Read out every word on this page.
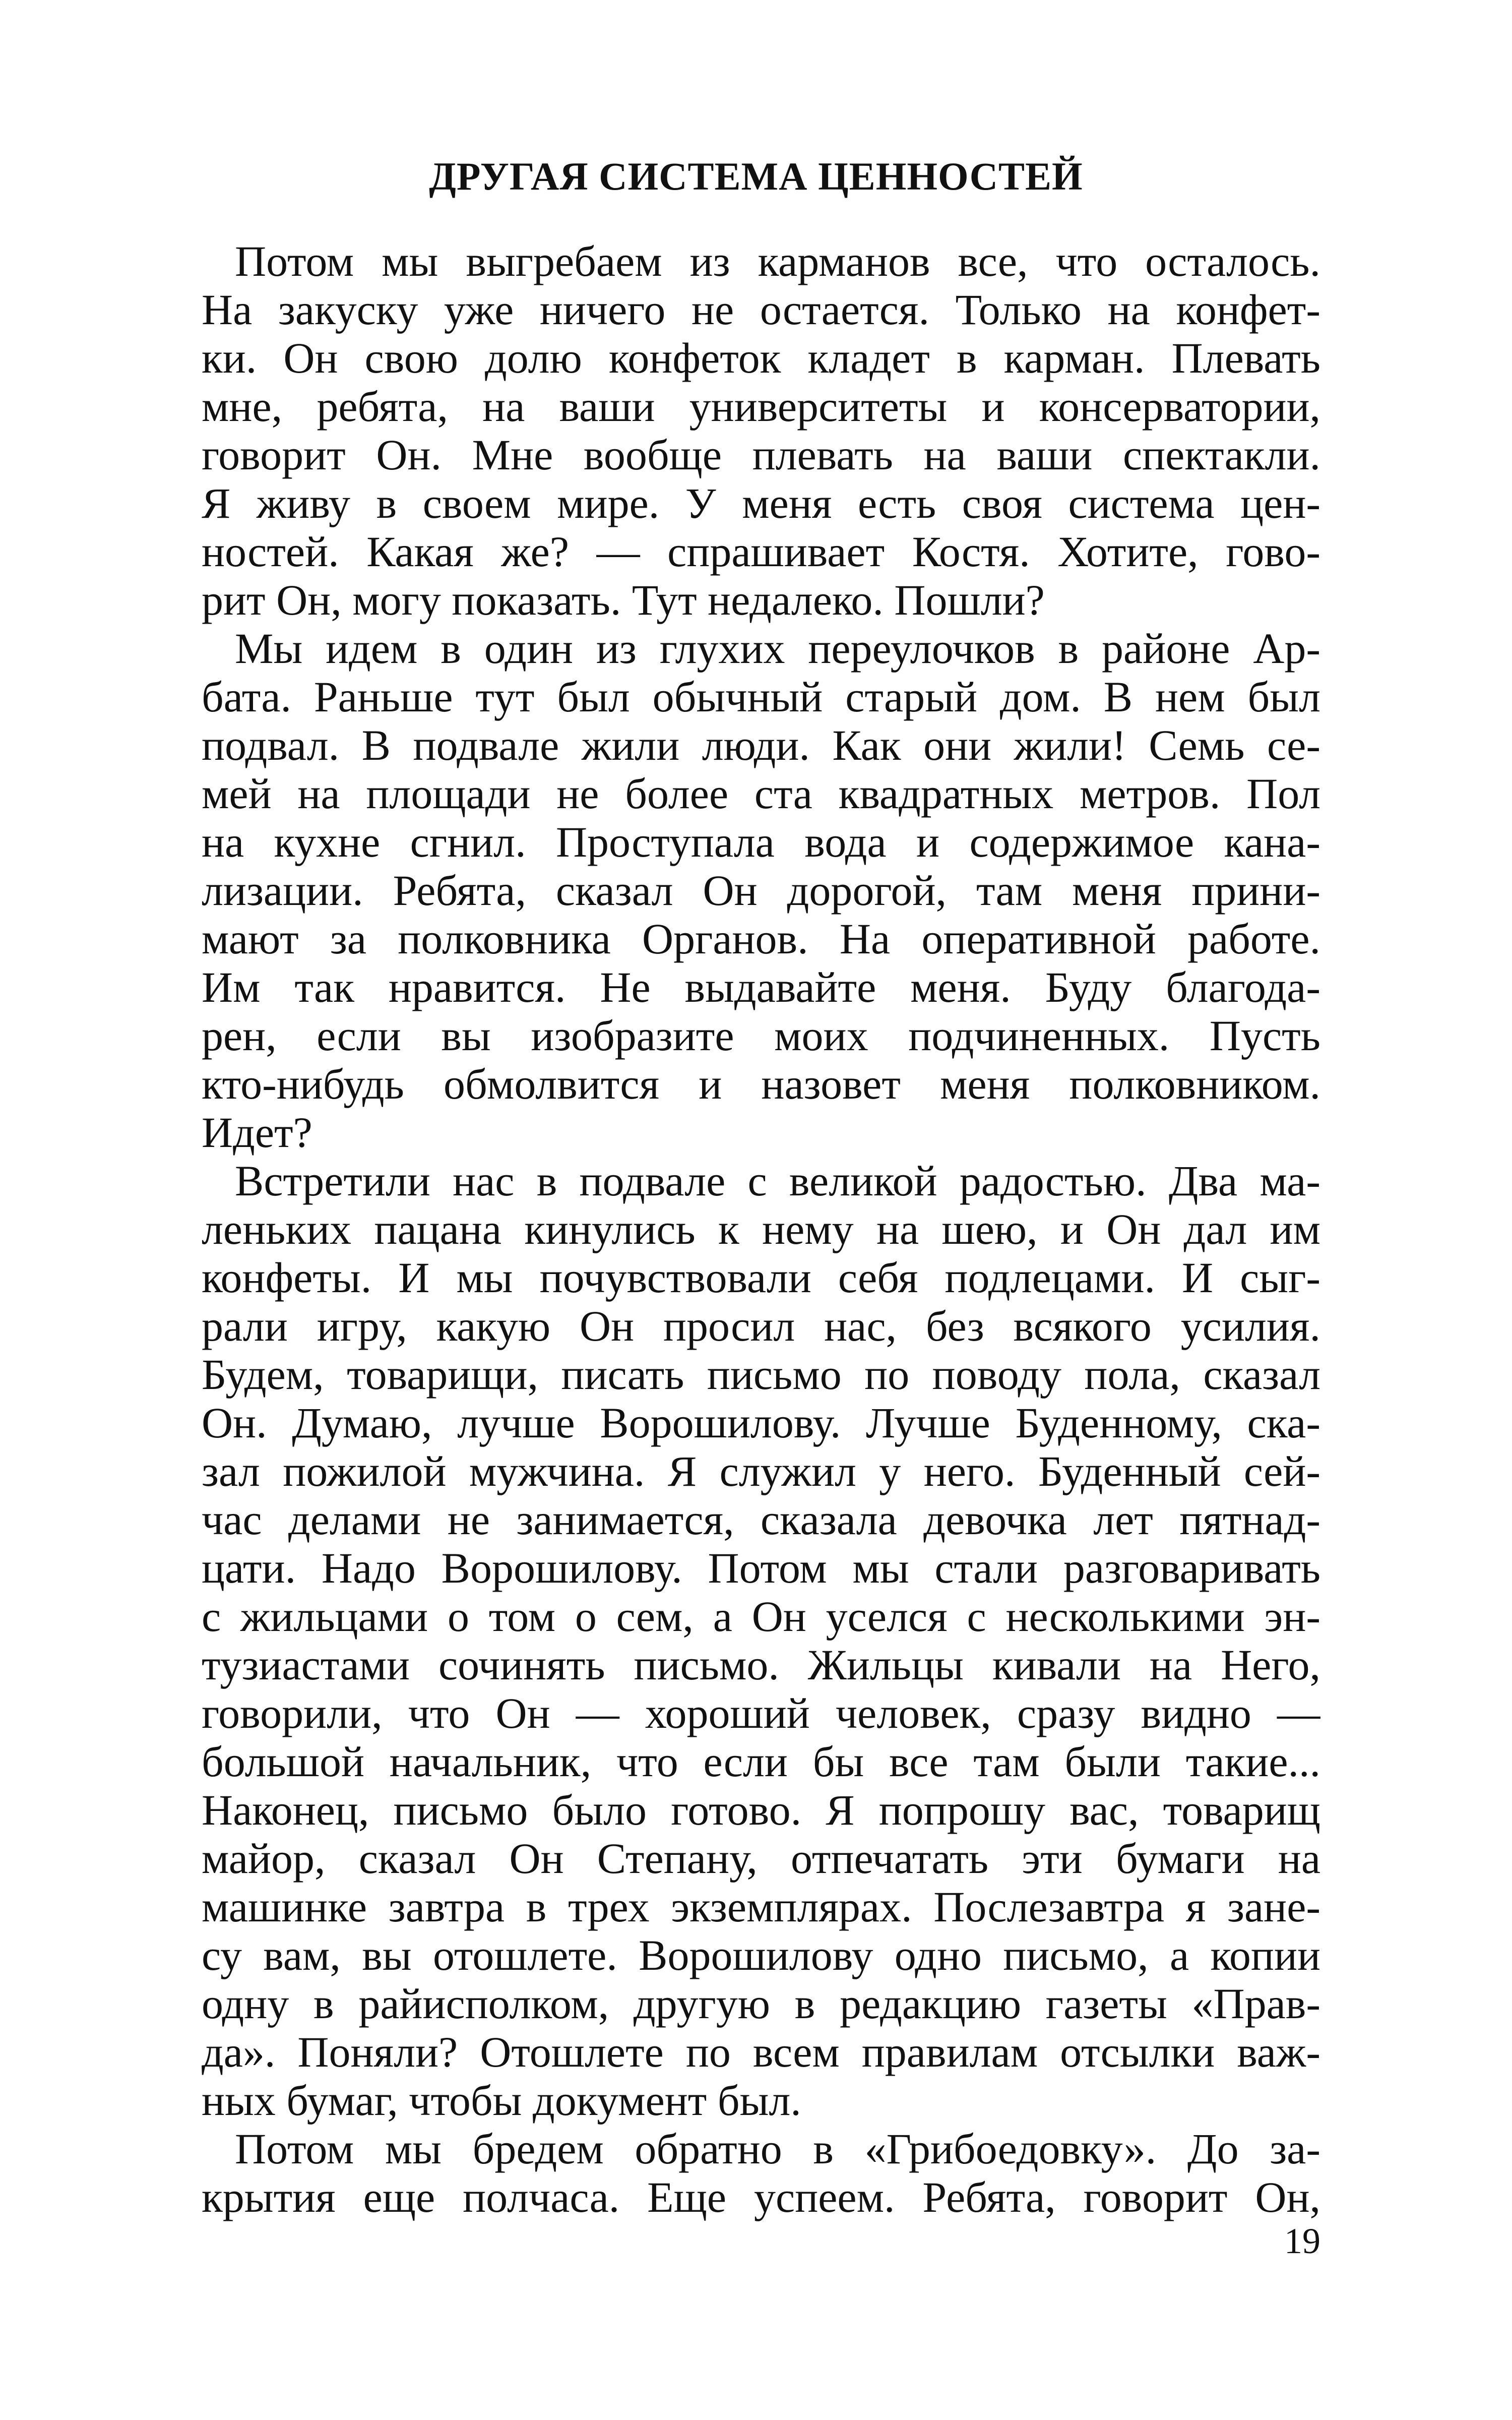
ДРУГАЯ СИСТЕМА ЦЕННОСТЕЙ
Потом мы выгребаем из карманов все, что осталось.
На закуску уже ничего не остается. Только на конфет-
ки. Он свою долю конфеток кладет в карман. Плевать
мне, ребята, на ваши университеты и консерватории,
говорит Он. Мне вообще плевать на ваши спектакли.
Я живу в своем мире. У меня есть своя система цен-
ностей. Какая же? — спрашивает Костя. Хотите, гово-
рит Он, могу показать. Тут недалеко. Пошли?
Мы идем в один из глухих переулочков в районе Ар-
бата. Раньше тут был обычный старый дом. В нем был
подвал. В подвале жили люди. Как они жили! Семь се-
мей на площади не более ста квадратных метров. Пол
на кухне сгнил. Проступала вода и содержимое кана-
лизации. Ребята, сказал Он дорогой, там меня прини-
мают за полковника Органов. На оперативной работе.
Им так нравится. Не выдавайте меня. Буду благода-
рен, если вы изобразите моих подчиненных. Пусть
кто-нибудь обмолвится и назовет меня полковником.
Идет?
Встретили нас в подвале с великой радостью. Два ма-
леньких пацана кинулись к нему на шею, и Он дал им
конфеты. И мы почувствовали себя подлецами. И сыг-
рали игру, какую Он просил нас, без всякого усилия.
Будем, товарищи, писать письмо по поводу пола, сказал
Он. Думаю, лучше Ворошилову. Лучше Буденному, ска-
зал пожилой мужчина. Я служил у него. Буденный сей-
час делами не занимается, сказала девочка лет пятнад-
цати. Надо Ворошилову. Потом мы стали разговаривать
с жильцами о том о сем, а Он уселся с несколькими эн-
тузиастами сочинять письмо. Жильцы кивали на Него,
говорили, что Он — хороший человек, сразу видно —
большой начальник, что если бы все там были такие...
Наконец, письмо было готово. Я попрошу вас, товарищ
майор, сказал Он Степану, отпечатать эти бумаги на
машинке завтра в трех экземплярах. Послезавтра я зане-
су вам, вы отошлете. Ворошилову одно письмо, а копии
одну в райисполком, другую в редакцию газеты «Прав-
да». Поняли? Отошлете по всем правилам отсылки важ-
ных бумаг, чтобы документ был.
Потом мы бредем обратно в «Грибоедовку». До за-
крытия еще полчаса. Еще успеем. Ребята, говорит Он,

19
